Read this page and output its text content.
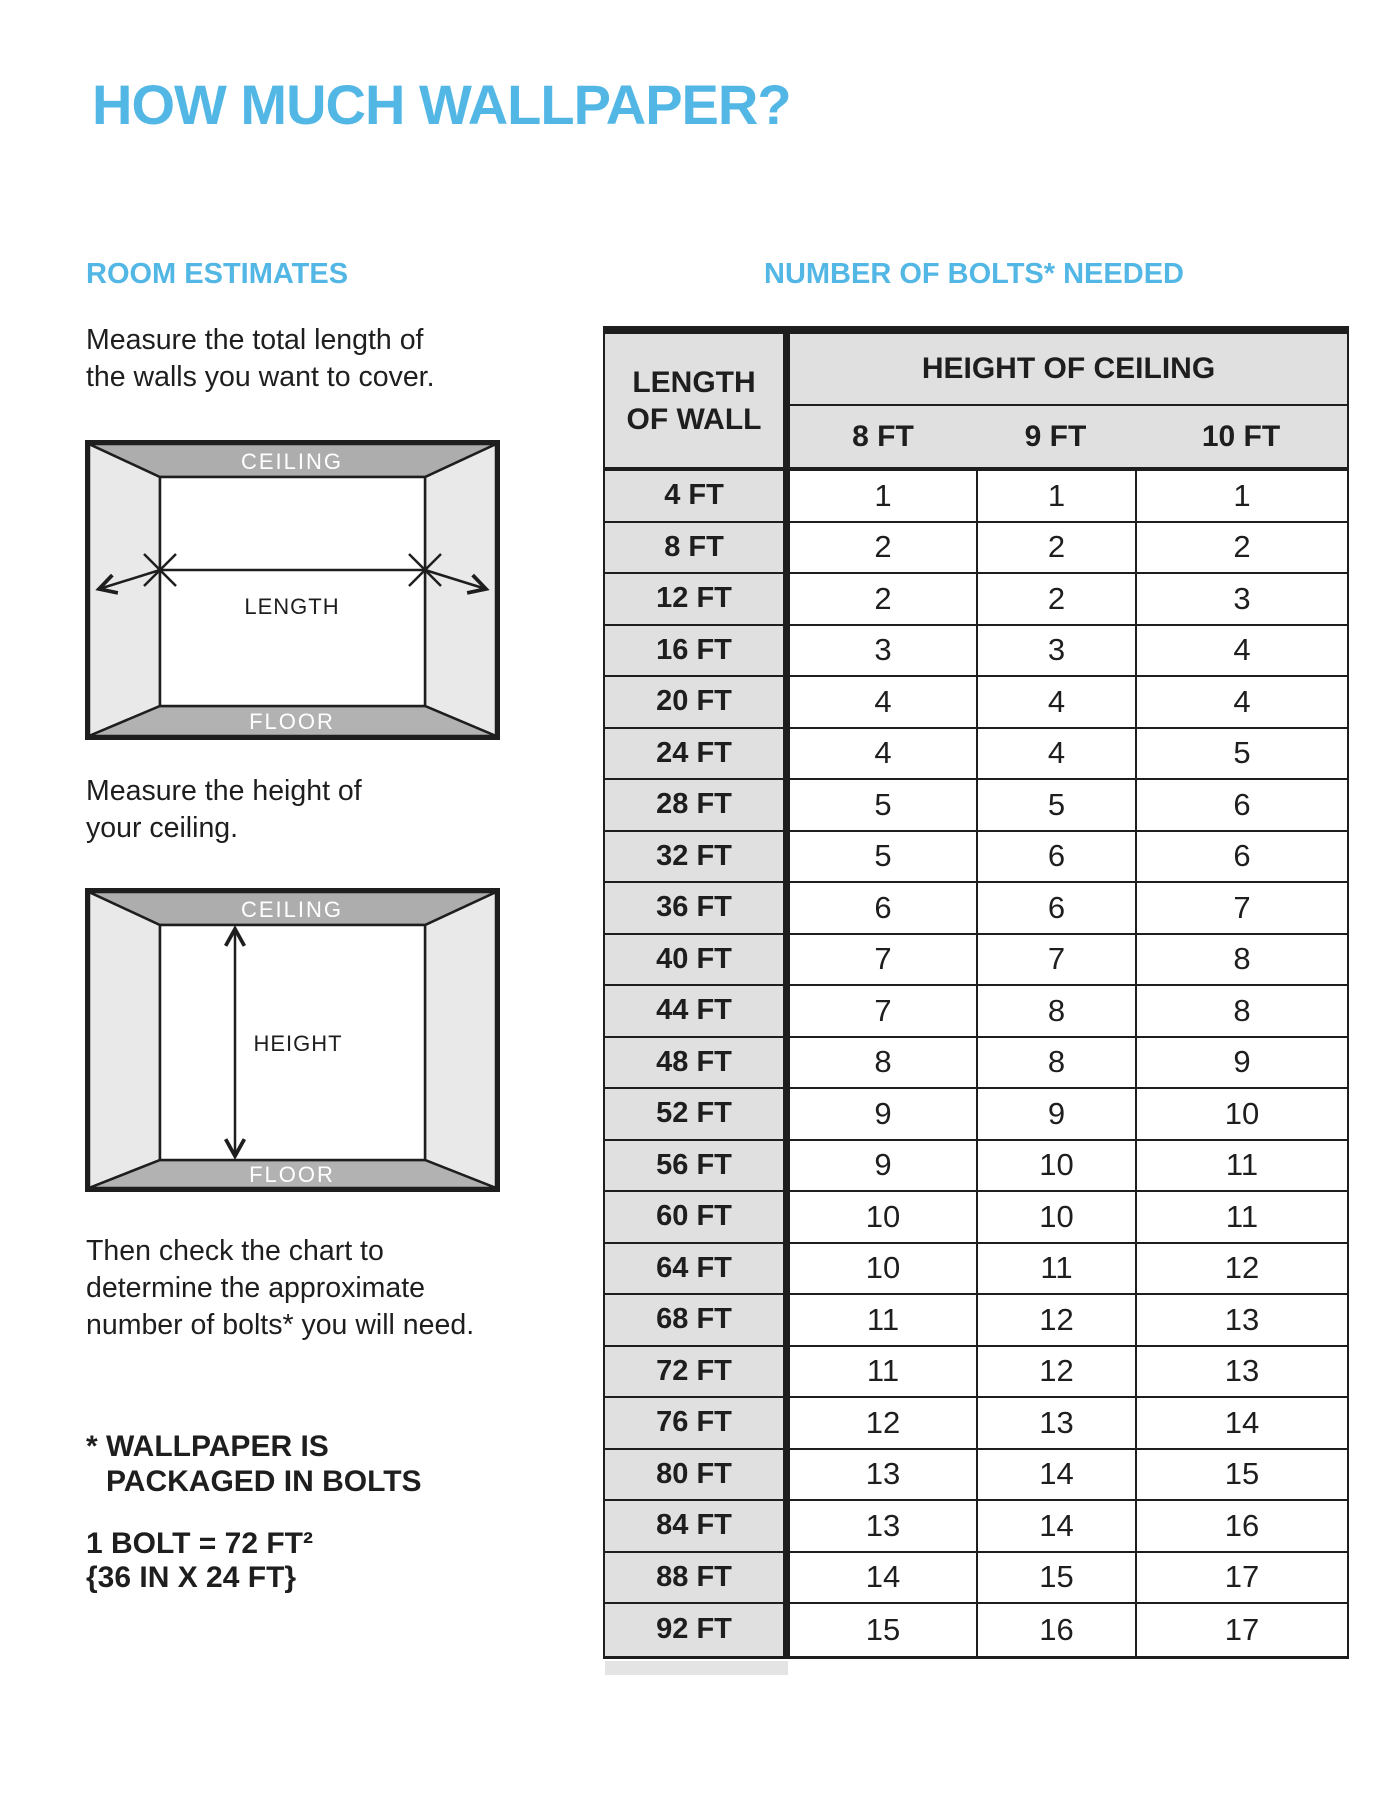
HOW MUCH WALLPAPER?
ROOM ESTIMATES
Measure the total length of
the walls you want to cover.
CEILING
FLOOR
LENGTH
Measure the height of
your ceiling.
CEILING
FLOOR
HEIGHT
Then check the chart to
determine the approximate
number of bolts* you will need.
* WALLPAPER IS
PACKAGED IN BOLTS
1 BOLT = 72 FT²
{36 IN X 24 FT}
NUMBER OF BOLTS* NEEDED
LENGTH
OF WALL
HEIGHT OF CEILING
8 FT	9 FT	10 FT
4 FT	1	1	1
8 FT	2	2	2
12 FT	2	2	3
16 FT	3	3	4
20 FT	4	4	4
24 FT	4	4	5
28 FT	5	5	6
32 FT	5	6	6
36 FT	6	6	7
40 FT	7	7	8
44 FT	7	8	8
48 FT	8	8	9
52 FT	9	9	10
56 FT	9	10	11
60 FT	10	10	11
64 FT	10	11	12
68 FT	11	12	13
72 FT	11	12	13
76 FT	12	13	14
80 FT	13	14	15
84 FT	13	14	16
88 FT	14	15	17
92 FT	15	16	17
